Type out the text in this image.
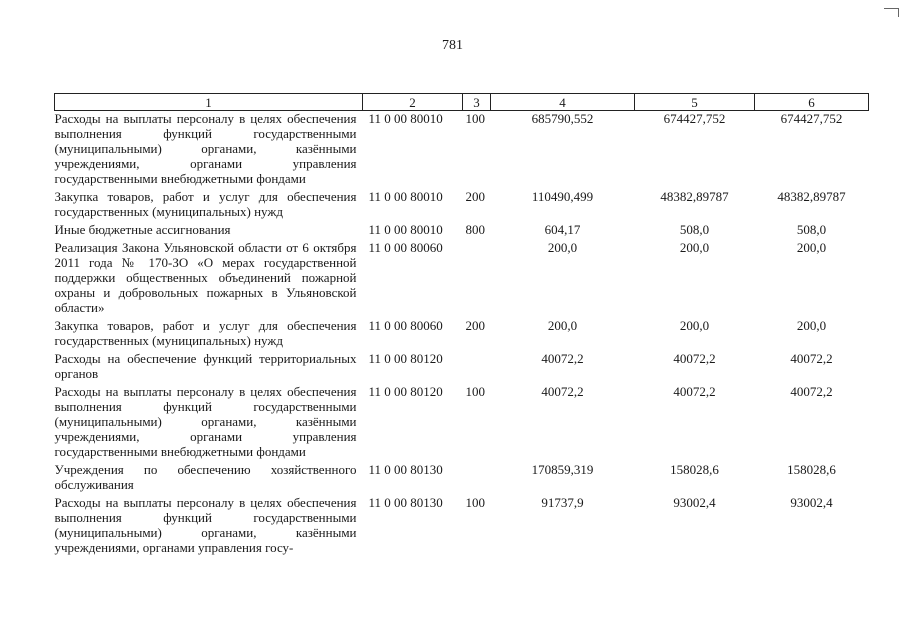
781
1	2	3	4	5	6
Расходы на выплаты персоналу в целях обеспечения выполнения функций государственными (муниципальными) органами, казёнными учреждениями, органами управления государственными внебюджетными фондами	11 0 00 80010	100	685790,552	674427,752	674427,752
Закупка товаров, работ и услуг для обеспечения государственных (муниципальных) нужд	11 0 00 80010	200	110490,499	48382,89787	48382,89787
Иные бюджетные ассигнования	11 0 00 80010	800	604,17	508,0	508,0
Реализация Закона Ульяновской области от 6 октября 2011 года № 170-ЗО «О мерах государственной поддержки общественных объединений пожарной охраны и добровольных пожарных в Ульяновской области»	11 0 00 80060		200,0	200,0	200,0
Закупка товаров, работ и услуг для обеспечения государственных (муниципальных) нужд	11 0 00 80060	200	200,0	200,0	200,0
Расходы на обеспечение функций территориальных органов	11 0 00 80120		40072,2	40072,2	40072,2
Расходы на выплаты персоналу в целях обеспечения выполнения функций государственными (муниципальными) органами, казёнными учреждениями, органами управления государственными внебюджетными фондами	11 0 00 80120	100	40072,2	40072,2	40072,2
Учреждения по обеспечению хозяйственного обслуживания	11 0 00 80130		170859,319	158028,6	158028,6
Расходы на выплаты персоналу в целях обеспечения выполнения функций государственными (муниципальными) органами, казёнными учреждениями, органами управления госу-	11 0 00 80130	100	91737,9	93002,4	93002,4
